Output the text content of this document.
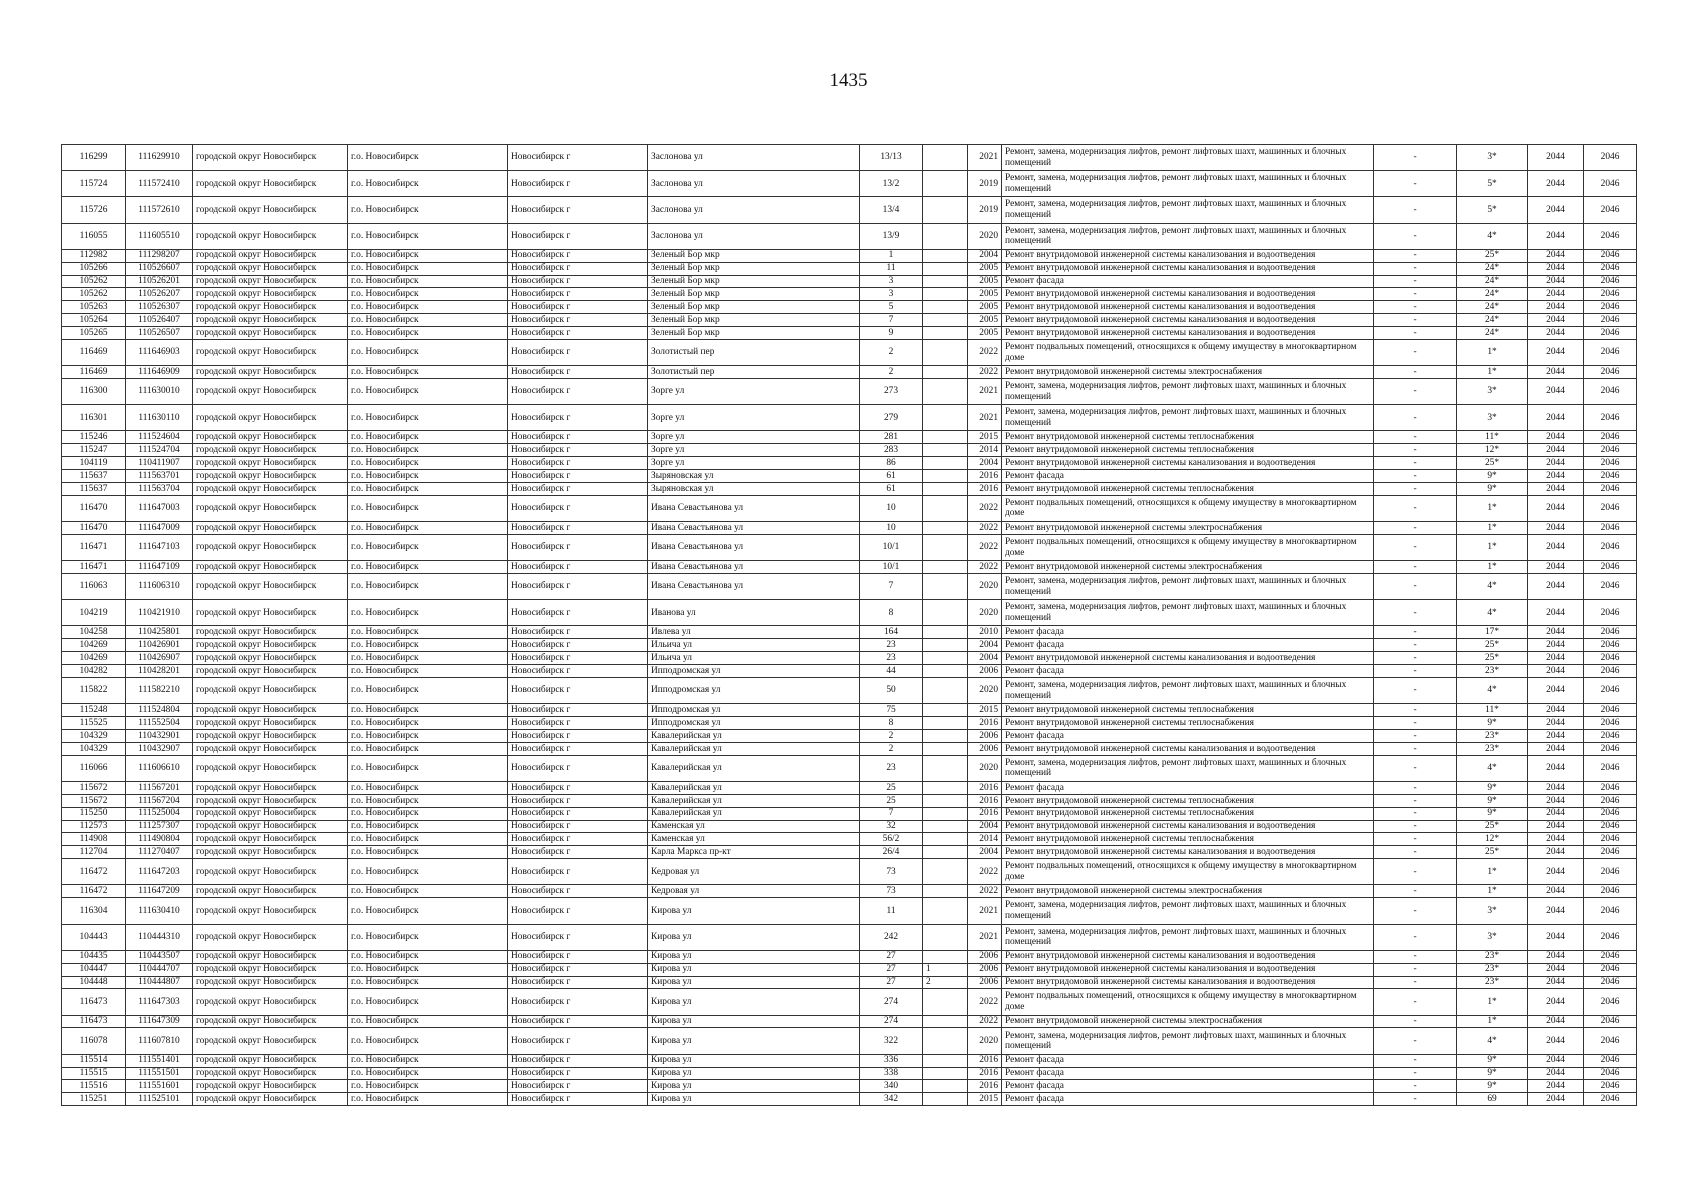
1435
116299	111629910	городской округ Новосибирск	г.о. Новосибирск	Новосибирск г	Заслонова ул	13/13		2021	Ремонт, замена, модернизация лифтов, ремонт лифтовых шахт, машинных и блочных помещений	-	3*	2044	2046
115724	111572410	городской округ Новосибирск	г.о. Новосибирск	Новосибирск г	Заслонова ул	13/2		2019	Ремонт, замена, модернизация лифтов, ремонт лифтовых шахт, машинных и блочных помещений	-	5*	2044	2046
115726	111572610	городской округ Новосибирск	г.о. Новосибирск	Новосибирск г	Заслонова ул	13/4		2019	Ремонт, замена, модернизация лифтов, ремонт лифтовых шахт, машинных и блочных помещений	-	5*	2044	2046
116055	111605510	городской округ Новосибирск	г.о. Новосибирск	Новосибирск г	Заслонова ул	13/9		2020	Ремонт, замена, модернизация лифтов, ремонт лифтовых шахт, машинных и блочных помещений	-	4*	2044	2046
112982	111298207	городской округ Новосибирск	г.о. Новосибирск	Новосибирск г	Зеленый Бор мкр	1		2004	Ремонт внутридомовой инженерной системы канализования и водоотведения	-	25*	2044	2046
105266	110526607	городской округ Новосибирск	г.о. Новосибирск	Новосибирск г	Зеленый Бор мкр	11		2005	Ремонт внутридомовой инженерной системы канализования и водоотведения	-	24*	2044	2046
105262	110526201	городской округ Новосибирск	г.о. Новосибирск	Новосибирск г	Зеленый Бор мкр	3		2005	Ремонт фасада	-	24*	2044	2046
105262	110526207	городской округ Новосибирск	г.о. Новосибирск	Новосибирск г	Зеленый Бор мкр	3		2005	Ремонт внутридомовой инженерной системы канализования и водоотведения	-	24*	2044	2046
105263	110526307	городской округ Новосибирск	г.о. Новосибирск	Новосибирск г	Зеленый Бор мкр	5		2005	Ремонт внутридомовой инженерной системы канализования и водоотведения	-	24*	2044	2046
105264	110526407	городской округ Новосибирск	г.о. Новосибирск	Новосибирск г	Зеленый Бор мкр	7		2005	Ремонт внутридомовой инженерной системы канализования и водоотведения	-	24*	2044	2046
105265	110526507	городской округ Новосибирск	г.о. Новосибирск	Новосибирск г	Зеленый Бор мкр	9		2005	Ремонт внутридомовой инженерной системы канализования и водоотведения	-	24*	2044	2046
116469	111646903	городской округ Новосибирск	г.о. Новосибирск	Новосибирск г	Золотистый пер	2		2022	Ремонт подвальных помещений, относящихся к общему имуществу в многоквартирном доме	-	1*	2044	2046
116469	111646909	городской округ Новосибирск	г.о. Новосибирск	Новосибирск г	Золотистый пер	2		2022	Ремонт внутридомовой инженерной системы электроснабжения	-	1*	2044	2046
116300	111630010	городской округ Новосибирск	г.о. Новосибирск	Новосибирск г	Зорге ул	273		2021	Ремонт, замена, модернизация лифтов, ремонт лифтовых шахт, машинных и блочных помещений	-	3*	2044	2046
116301	111630110	городской округ Новосибирск	г.о. Новосибирск	Новосибирск г	Зорге ул	279		2021	Ремонт, замена, модернизация лифтов, ремонт лифтовых шахт, машинных и блочных помещений	-	3*	2044	2046
115246	111524604	городской округ Новосибирск	г.о. Новосибирск	Новосибирск г	Зорге ул	281		2015	Ремонт внутридомовой инженерной системы теплоснабжения	-	11*	2044	2046
115247	111524704	городской округ Новосибирск	г.о. Новосибирск	Новосибирск г	Зорге ул	283		2014	Ремонт внутридомовой инженерной системы теплоснабжения	-	12*	2044	2046
104119	110411907	городской округ Новосибирск	г.о. Новосибирск	Новосибирск г	Зорге ул	86		2004	Ремонт внутридомовой инженерной системы канализования и водоотведения	-	25*	2044	2046
115637	111563701	городской округ Новосибирск	г.о. Новосибирск	Новосибирск г	Зыряновская ул	61		2016	Ремонт фасада	-	9*	2044	2046
115637	111563704	городской округ Новосибирск	г.о. Новосибирск	Новосибирск г	Зыряновская ул	61		2016	Ремонт внутридомовой инженерной системы теплоснабжения	-	9*	2044	2046
116470	111647003	городской округ Новосибирск	г.о. Новосибирск	Новосибирск г	Ивана Севастьянова ул	10		2022	Ремонт подвальных помещений, относящихся к общему имуществу в многоквартирном доме	-	1*	2044	2046
116470	111647009	городской округ Новосибирск	г.о. Новосибирск	Новосибирск г	Ивана Севастьянова ул	10		2022	Ремонт внутридомовой инженерной системы электроснабжения	-	1*	2044	2046
116471	111647103	городской округ Новосибирск	г.о. Новосибирск	Новосибирск г	Ивана Севастьянова ул	10/1		2022	Ремонт подвальных помещений, относящихся к общему имуществу в многоквартирном доме	-	1*	2044	2046
116471	111647109	городской округ Новосибирск	г.о. Новосибирск	Новосибирск г	Ивана Севастьянова ул	10/1		2022	Ремонт внутридомовой инженерной системы электроснабжения	-	1*	2044	2046
116063	111606310	городской округ Новосибирск	г.о. Новосибирск	Новосибирск г	Ивана Севастьянова ул	7		2020	Ремонт, замена, модернизация лифтов, ремонт лифтовых шахт, машинных и блочных помещений	-	4*	2044	2046
104219	110421910	городской округ Новосибирск	г.о. Новосибирск	Новосибирск г	Иванова ул	8		2020	Ремонт, замена, модернизация лифтов, ремонт лифтовых шахт, машинных и блочных помещений	-	4*	2044	2046
104258	110425801	городской округ Новосибирск	г.о. Новосибирск	Новосибирск г	Ивлева ул	164		2010	Ремонт фасада	-	17*	2044	2046
104269	110426901	городской округ Новосибирск	г.о. Новосибирск	Новосибирск г	Ильича ул	23		2004	Ремонт фасада	-	25*	2044	2046
104269	110426907	городской округ Новосибирск	г.о. Новосибирск	Новосибирск г	Ильича ул	23		2004	Ремонт внутридомовой инженерной системы канализования и водоотведения	-	25*	2044	2046
104282	110428201	городской округ Новосибирск	г.о. Новосибирск	Новосибирск г	Ипподромская ул	44		2006	Ремонт фасада	-	23*	2044	2046
115822	111582210	городской округ Новосибирск	г.о. Новосибирск	Новосибирск г	Ипподромская ул	50		2020	Ремонт, замена, модернизация лифтов, ремонт лифтовых шахт, машинных и блочных помещений	-	4*	2044	2046
115248	111524804	городской округ Новосибирск	г.о. Новосибирск	Новосибирск г	Ипподромская ул	75		2015	Ремонт внутридомовой инженерной системы теплоснабжения	-	11*	2044	2046
115525	111552504	городской округ Новосибирск	г.о. Новосибирск	Новосибирск г	Ипподромская ул	8		2016	Ремонт внутридомовой инженерной системы теплоснабжения	-	9*	2044	2046
104329	110432901	городской округ Новосибирск	г.о. Новосибирск	Новосибирск г	Кавалерийская ул	2		2006	Ремонт фасада	-	23*	2044	2046
104329	110432907	городской округ Новосибирск	г.о. Новосибирск	Новосибирск г	Кавалерийская ул	2		2006	Ремонт внутридомовой инженерной системы канализования и водоотведения	-	23*	2044	2046
116066	111606610	городской округ Новосибирск	г.о. Новосибирск	Новосибирск г	Кавалерийская ул	23		2020	Ремонт, замена, модернизация лифтов, ремонт лифтовых шахт, машинных и блочных помещений	-	4*	2044	2046
115672	111567201	городской округ Новосибирск	г.о. Новосибирск	Новосибирск г	Кавалерийская ул	25		2016	Ремонт фасада	-	9*	2044	2046
115672	111567204	городской округ Новосибирск	г.о. Новосибирск	Новосибирск г	Кавалерийская ул	25		2016	Ремонт внутридомовой инженерной системы теплоснабжения	-	9*	2044	2046
115250	111525004	городской округ Новосибирск	г.о. Новосибирск	Новосибирск г	Кавалерийская ул	7		2016	Ремонт внутридомовой инженерной системы теплоснабжения	-	9*	2044	2046
112573	111257307	городской округ Новосибирск	г.о. Новосибирск	Новосибирск г	Каменская ул	32		2004	Ремонт внутридомовой инженерной системы канализования и водоотведения	-	25*	2044	2046
114908	111490804	городской округ Новосибирск	г.о. Новосибирск	Новосибирск г	Каменская ул	56/2		2014	Ремонт внутридомовой инженерной системы теплоснабжения	-	12*	2044	2046
112704	111270407	городской округ Новосибирск	г.о. Новосибирск	Новосибирск г	Карла Маркса пр-кт	26/4		2004	Ремонт внутридомовой инженерной системы канализования и водоотведения	-	25*	2044	2046
116472	111647203	городской округ Новосибирск	г.о. Новосибирск	Новосибирск г	Кедровая ул	73		2022	Ремонт подвальных помещений, относящихся к общему имуществу в многоквартирном доме	-	1*	2044	2046
116472	111647209	городской округ Новосибирск	г.о. Новосибирск	Новосибирск г	Кедровая ул	73		2022	Ремонт внутридомовой инженерной системы электроснабжения	-	1*	2044	2046
116304	111630410	городской округ Новосибирск	г.о. Новосибирск	Новосибирск г	Кирова ул	11		2021	Ремонт, замена, модернизация лифтов, ремонт лифтовых шахт, машинных и блочных помещений	-	3*	2044	2046
104443	110444310	городской округ Новосибирск	г.о. Новосибирск	Новосибирск г	Кирова ул	242		2021	Ремонт, замена, модернизация лифтов, ремонт лифтовых шахт, машинных и блочных помещений	-	3*	2044	2046
104435	110443507	городской округ Новосибирск	г.о. Новосибирск	Новосибирск г	Кирова ул	27		2006	Ремонт внутридомовой инженерной системы канализования и водоотведения	-	23*	2044	2046
104447	110444707	городской округ Новосибирск	г.о. Новосибирск	Новосибирск г	Кирова ул	27	1	2006	Ремонт внутридомовой инженерной системы канализования и водоотведения	-	23*	2044	2046
104448	110444807	городской округ Новосибирск	г.о. Новосибирск	Новосибирск г	Кирова ул	27	2	2006	Ремонт внутридомовой инженерной системы канализования и водоотведения	-	23*	2044	2046
116473	111647303	городской округ Новосибирск	г.о. Новосибирск	Новосибирск г	Кирова ул	274		2022	Ремонт подвальных помещений, относящихся к общему имуществу в многоквартирном доме	-	1*	2044	2046
116473	111647309	городской округ Новосибирск	г.о. Новосибирск	Новосибирск г	Кирова ул	274		2022	Ремонт внутридомовой инженерной системы электроснабжения	-	1*	2044	2046
116078	111607810	городской округ Новосибирск	г.о. Новосибирск	Новосибирск г	Кирова ул	322		2020	Ремонт, замена, модернизация лифтов, ремонт лифтовых шахт, машинных и блочных помещений	-	4*	2044	2046
115514	111551401	городской округ Новосибирск	г.о. Новосибирск	Новосибирск г	Кирова ул	336		2016	Ремонт фасада	-	9*	2044	2046
115515	111551501	городской округ Новосибирск	г.о. Новосибирск	Новосибирск г	Кирова ул	338		2016	Ремонт фасада	-	9*	2044	2046
115516	111551601	городской округ Новосибирск	г.о. Новосибирск	Новосибирск г	Кирова ул	340		2016	Ремонт фасада	-	9*	2044	2046
115251	111525101	городской округ Новосибирск	г.о. Новосибирск	Новосибирск г	Кирова ул	342		2015	Ремонт фасада	-	69	2044	2046
